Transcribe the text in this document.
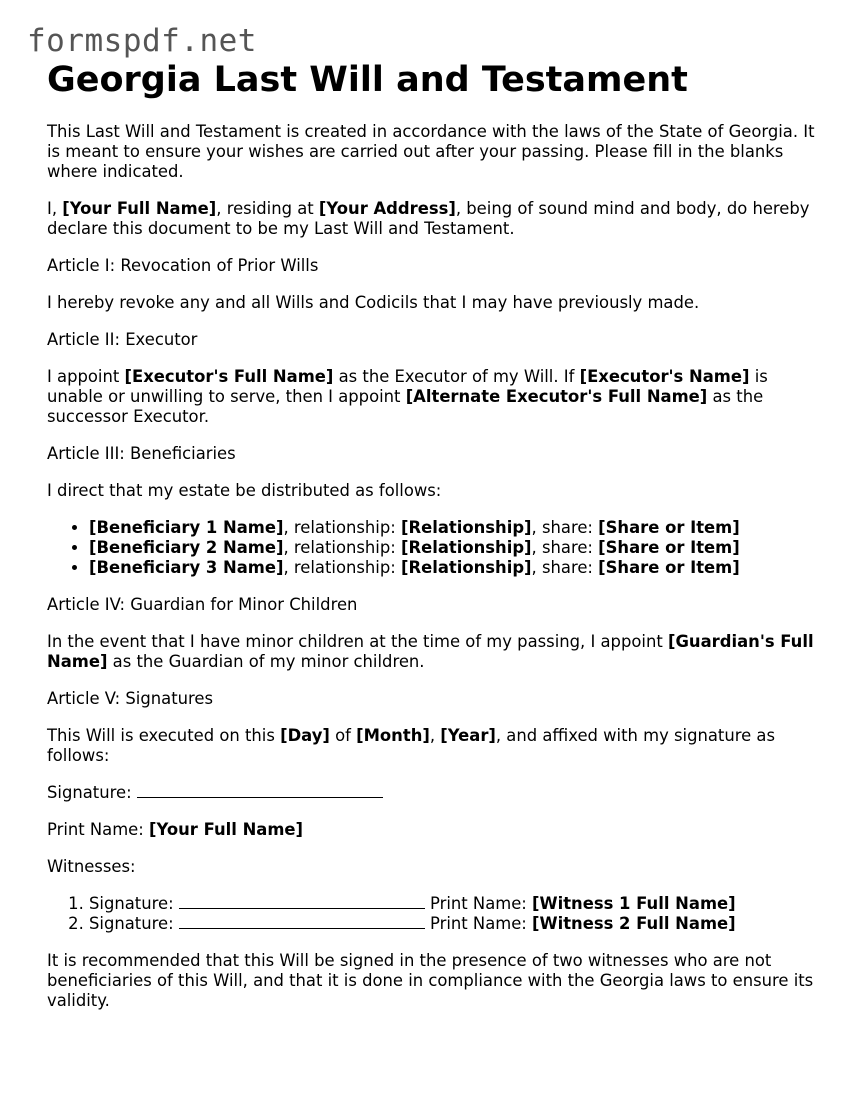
formspdf.net
Georgia Last Will and Testament

This Last Will and Testament is created in accordance with the laws of the State of Georgia. It is meant to ensure your wishes are carried out after your passing. Please fill in the blanks where indicated.

I, [Your Full Name], residing at [Your Address], being of sound mind and body, do hereby declare this document to be my Last Will and Testament.

Article I: Revocation of Prior Wills

I hereby revoke any and all Wills and Codicils that I may have previously made.

Article II: Executor

I appoint [Executor's Full Name] as the Executor of my Will. If [Executor's Name] is unable or unwilling to serve, then I appoint [Alternate Executor's Full Name] as the successor Executor.

Article III: Beneficiaries

I direct that my estate be distributed as follows:

• [Beneficiary 1 Name], relationship: [Relationship], share: [Share or Item]
• [Beneficiary 2 Name], relationship: [Relationship], share: [Share or Item]
• [Beneficiary 3 Name], relationship: [Relationship], share: [Share or Item]

Article IV: Guardian for Minor Children

In the event that I have minor children at the time of my passing, I appoint [Guardian's Full Name] as the Guardian of my minor children.

Article V: Signatures

This Will is executed on this [Day] of [Month], [Year], and affixed with my signature as follows:

Signature:

Print Name: [Your Full Name]

Witnesses:

1. Signature:	Print Name: [Witness 1 Full Name]
2. Signature:	Print Name: [Witness 2 Full Name]

It is recommended that this Will be signed in the presence of two witnesses who are not beneficiaries of this Will, and that it is done in compliance with the Georgia laws to ensure its validity.
